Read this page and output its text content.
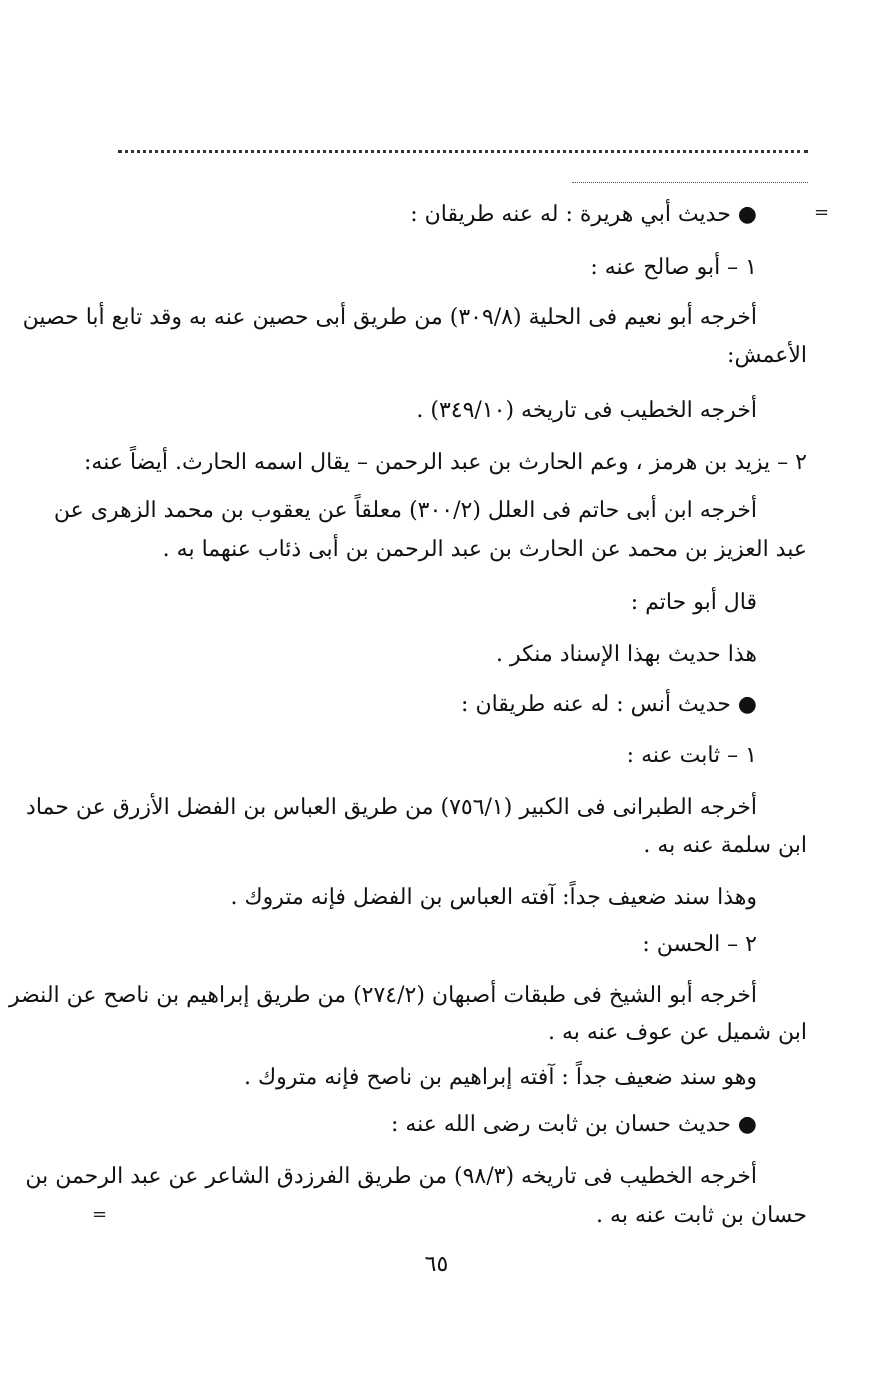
=
=
● حديث أبي هريرة : له عنه طريقان :
١ – أبو صالح عنه :
أخرجه أبو نعيم فى الحلية (٣٠٩/٨) من طريق أبى حصين عنه به وقد تابع أبا حصين
الأعمش:
أخرجه الخطيب فى تاريخه (٣٤٩/١٠) .
٢ – يزيد بن هرمز ، وعم الحارث بن عبد الرحمن – يقال اسمه الحارث. أيضاً عنه:
أخرجه ابن أبى حاتم فى العلل (٣٠٠/٢) معلقاً عن يعقوب بن محمد الزهرى عن
عبد العزيز بن محمد عن الحارث بن عبد الرحمن بن أبى ذئاب عنهما به .
قال أبو حاتم :
هذا حديث بهذا الإسناد منكر .
● حديث أنس : له عنه طريقان :
١ – ثابت عنه :
أخرجه الطبرانى فى الكبير (٧٥٦/١) من طريق العباس بن الفضل الأزرق عن حماد
ابن سلمة عنه به .
وهذا سند ضعيف جداً: آفته العباس بن الفضل فإنه متروك .
٢ – الحسن :
أخرجه أبو الشيخ فى طبقات أصبهان (٢٧٤/٢) من طريق إبراهيم بن ناصح عن النضر
ابن شميل عن عوف عنه به .
وهو سند ضعيف جداً : آفته إبراهيم بن ناصح فإنه متروك .
● حديث حسان بن ثابت رضى الله عنه :
أخرجه الخطيب فى تاريخه (٩٨/٣) من طريق الفرزدق الشاعر عن عبد الرحمن بن
حسان بن ثابت عنه به .
٦٥
